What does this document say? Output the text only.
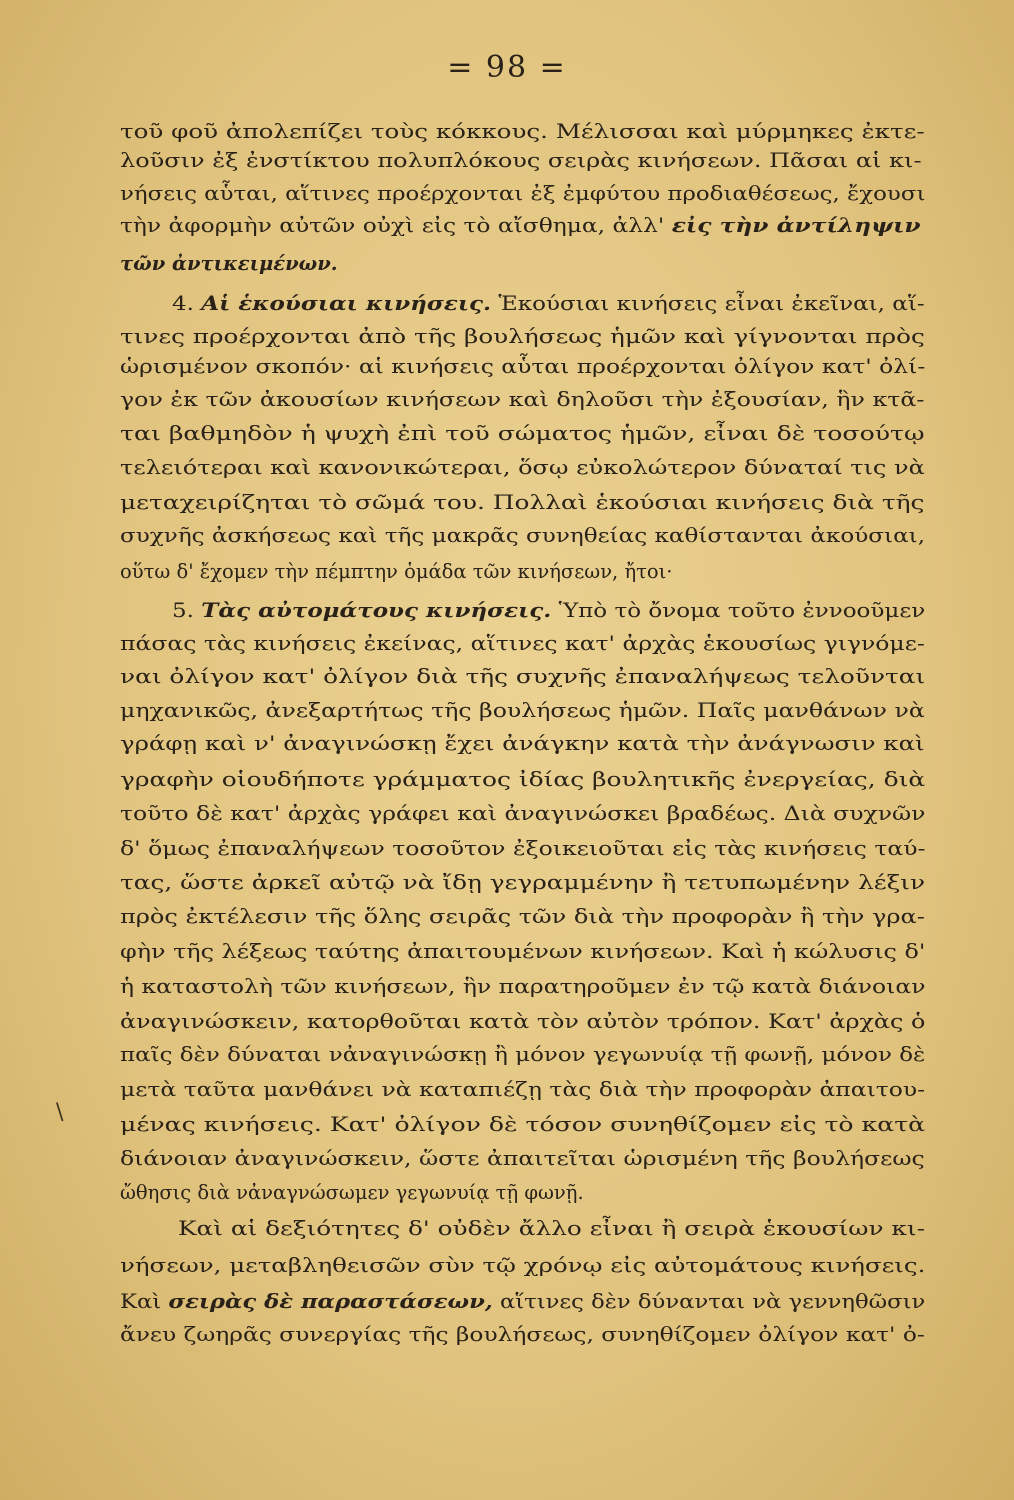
= 98 =
\

τοῦ φοῦ ἀπολεπίζει τοὺς κόκκους. Μέλισσαι καὶ μύρμηκες ἐκτε-

λοῦσιν ἐξ ἐνστίκτου πολυπλόκους σειρὰς κινήσεων. Πᾶσαι αἱ κι-

νήσεις αὗται, αἵτινες προέρχονται ἐξ ἐμφύτου προδιαθέσεως, ἔχουσι

τὴν ἀφορμὴν αὐτῶν οὐχὶ εἰς τὸ αἴσθημα, ἀλλ' εἰς τὴν ἀντίληψιν

τῶν ἀντικειμένων.

4. Αἱ ἑκούσιαι κινήσεις. Ἑκούσιαι κινήσεις εἶναι ἐκεῖναι, αἵ-

τινες προέρχονται ἀπὸ τῆς βουλήσεως ἡμῶν καὶ γίγνονται πρὸς

ὡρισμένον σκοπόν· αἱ κινήσεις αὗται προέρχονται ὀλίγον κατ' ὀλί-

γον ἐκ τῶν ἀκουσίων κινήσεων καὶ δηλοῦσι τὴν ἐξουσίαν, ἣν κτᾶ-

ται βαθμηδὸν ἡ ψυχὴ ἐπὶ τοῦ σώματος ἡμῶν, εἶναι δὲ τοσούτῳ

τελειότεραι καὶ κανονικώτεραι, ὅσῳ εὐκολώτερον δύναταί τις νὰ

μεταχειρίζηται τὸ σῶμά του. Πολλαὶ ἑκούσιαι κινήσεις διὰ τῆς

συχνῆς ἀσκήσεως καὶ τῆς μακρᾶς συνηθείας καθίστανται ἀκούσιαι,

οὕτω δ' ἔχομεν τὴν πέμπτην ὁμάδα τῶν κινήσεων, ἤτοι·

5. Τὰς αὐτομάτους κινήσεις. Ὑπὸ τὸ ὄνομα τοῦτο ἐννοοῦμεν

πάσας τὰς κινήσεις ἐκείνας, αἵτινες κατ' ἀρχὰς ἑκουσίως γιγνόμε-

ναι ὀλίγον κατ' ὀλίγον διὰ τῆς συχνῆς ἐπαναλήψεως τελοῦνται

μηχανικῶς, ἀνεξαρτήτως τῆς βουλήσεως ἡμῶν. Παῖς μανθάνων νὰ

γράφῃ καὶ ν' ἀναγινώσκῃ ἔχει ἀνάγκην κατὰ τὴν ἀνάγνωσιν καὶ

γραφὴν οἱουδήποτε γράμματος ἰδίας βουλητικῆς ἐνεργείας, διὰ

τοῦτο δὲ κατ' ἀρχὰς γράφει καὶ ἀναγινώσκει βραδέως. Διὰ συχνῶν

δ' ὅμως ἐπαναλήψεων τοσοῦτον ἐξοικειοῦται εἰς τὰς κινήσεις ταύ-

τας, ὥστε ἀρκεῖ αὐτῷ νὰ ἴδῃ γεγραμμένην ἢ τετυπωμένην λέξιν

πρὸς ἐκτέλεσιν τῆς ὅλης σειρᾶς τῶν διὰ τὴν προφορὰν ἢ τὴν γρα-

φὴν τῆς λέξεως ταύτης ἀπαιτουμένων κινήσεων. Καὶ ἡ κώλυσις δ'

ἡ καταστολὴ τῶν κινήσεων, ἣν παρατηροῦμεν ἐν τῷ κατὰ διάνοιαν

ἀναγινώσκειν, κατορθοῦται κατὰ τὸν αὐτὸν τρόπον. Κατ' ἀρχὰς ὁ

παῖς δὲν δύναται νἀναγινώσκῃ ἢ μόνον γεγωνυίᾳ τῇ φωνῇ, μόνον δὲ

μετὰ ταῦτα μανθάνει νὰ καταπιέζῃ τὰς διὰ τὴν προφορὰν ἀπαιτου-

μένας κινήσεις. Κατ' ὀλίγον δὲ τόσον συνηθίζομεν εἰς τὸ κατὰ

διάνοιαν ἀναγινώσκειν, ὥστε ἀπαιτεῖται ὡρισμένη τῆς βουλήσεως

ὤθησις διὰ νἀναγνώσωμεν γεγωνυίᾳ τῇ φωνῇ.

Καὶ αἱ δεξιότητες δ' οὐδὲν ἄλλο εἶναι ἢ σειρὰ ἑκουσίων κι-

νήσεων, μεταβληθεισῶν σὺν τῷ χρόνῳ εἰς αὐτομάτους κινήσεις.

Καὶ σειρὰς δὲ παραστάσεων, αἵτινες δὲν δύνανται νὰ γεννηθῶσιν

ἄνευ ζωηρᾶς συνεργίας τῆς βουλήσεως, συνηθίζομεν ὀλίγον κατ' ὀ-
